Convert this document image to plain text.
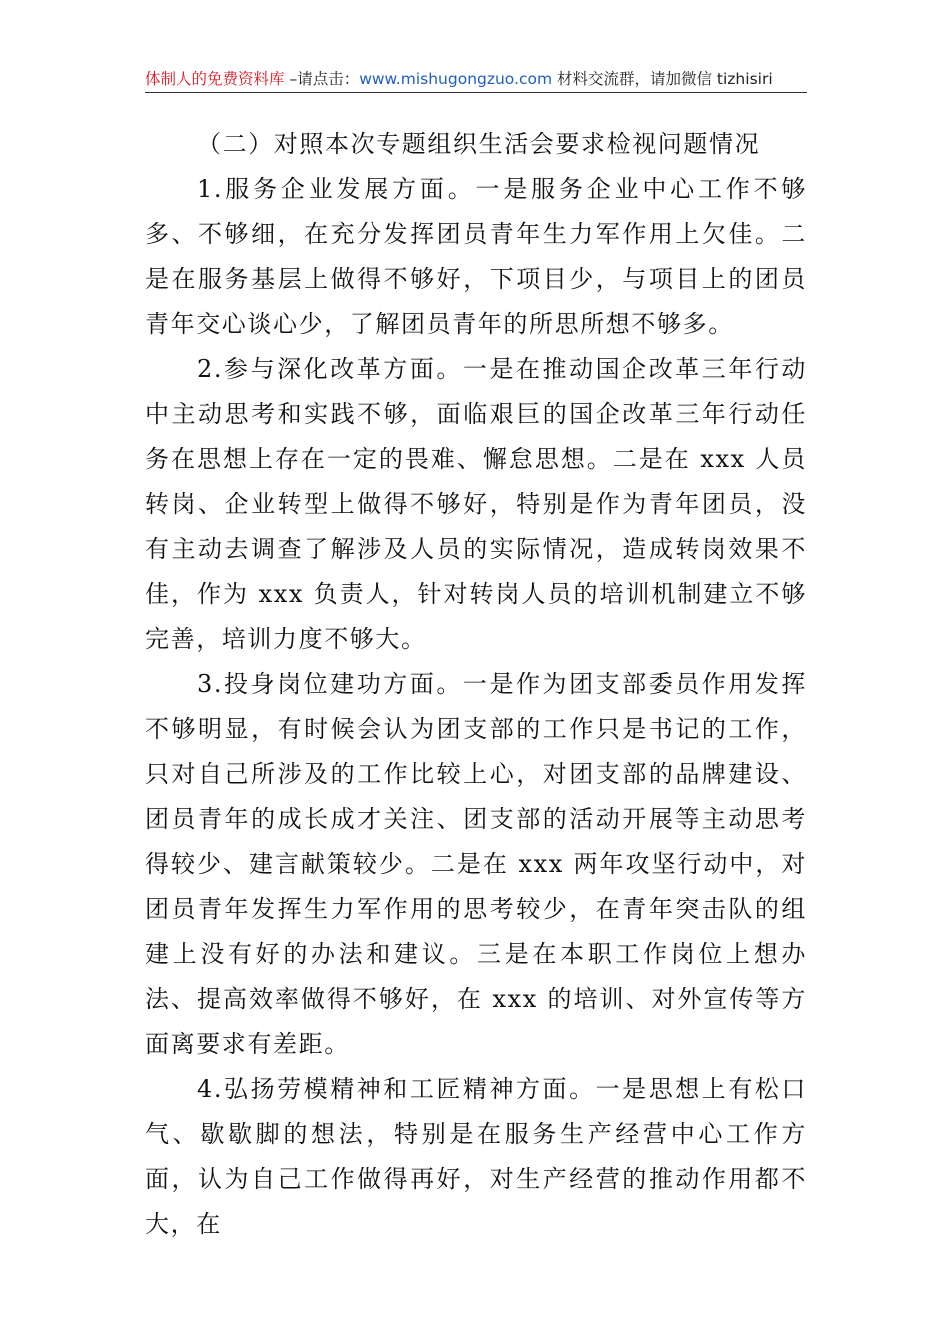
体制人的免费资料库 –请点击：www.mishugongzuo.com 材料交流群，请加微信 tizhisiri

（二）对照本次专题组织生活会要求检视问题情况

1.服务企业发展方面。一是服务企业中心工作不够多、不够细，在充分发挥团员青年生力军作用上欠佳。二是在服务基层上做得不够好，下项目少，与项目上的团员青年交心谈心少，了解团员青年的所思所想不够多。

2.参与深化改革方面。一是在推动国企改革三年行动中主动思考和实践不够，面临艰巨的国企改革三年行动任务在思想上存在一定的畏难、懈怠思想。二是在 xxx 人员转岗、企业转型上做得不够好，特别是作为青年团员，没有主动去调查了解涉及人员的实际情况，造成转岗效果不佳，作为 xxx 负责人，针对转岗人员的培训机制建立不够完善，培训力度不够大。

3.投身岗位建功方面。一是作为团支部委员作用发挥不够明显，有时候会认为团支部的工作只是书记的工作，只对自己所涉及的工作比较上心，对团支部的品牌建设、团员青年的成长成才关注、团支部的活动开展等主动思考得较少、建言献策较少。二是在 xxx 两年攻坚行动中，对团员青年发挥生力军作用的思考较少，在青年突击队的组建上没有好的办法和建议。三是在本职工作岗位上想办法、提高效率做得不够好，在 xxx 的培训、对外宣传等方面离要求有差距。

4.弘扬劳模精神和工匠精神方面。一是思想上有松口气、歇歇脚的想法，特别是在服务生产经营中心工作方面，认为自己工作做得再好，对生产经营的推动作用都不大，在
